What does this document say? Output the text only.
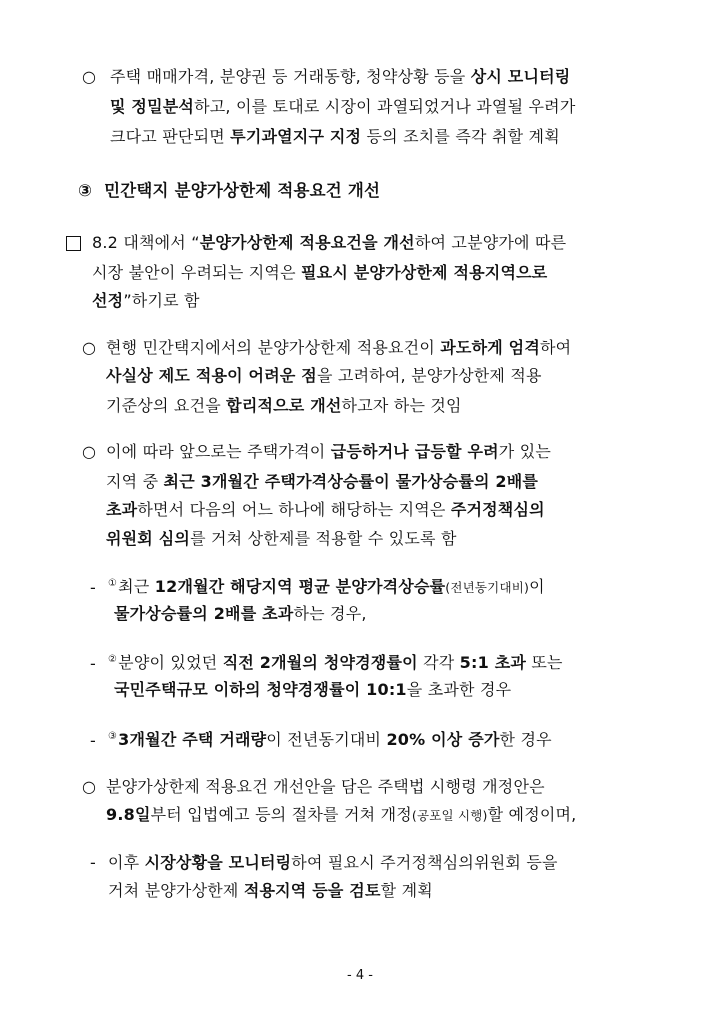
○ 주택 매매가격, 분양권 등 거래동향, 청약상황 등을 상시 모니터링
및 정밀분석하고, 이를 토대로 시장이 과열되었거나 과열될 우려가
크다고 판단되면 투기과열지구 지정 등의 조치를 즉각 취할 계획
③ 민간택지 분양가상한제 적용요건 개선
8.2 대책에서 “분양가상한제 적용요건을 개선하여 고분양가에 따른
시장 불안이 우려되는 지역은 필요시 분양가상한제 적용지역으로
선정”하기로 함
○ 현행 민간택지에서의 분양가상한제 적용요건이 과도하게 엄격하여
사실상 제도 적용이 어려운 점을 고려하여, 분양가상한제 적용
기준상의 요건을 합리적으로 개선하고자 하는 것임
○ 이에 따라 앞으로는 주택가격이 급등하거나 급등할 우려가 있는
지역 중 최근 3개월간 주택가격상승률이 물가상승률의 2배를
초과하면서 다음의 어느 하나에 해당하는 지역은 주거정책심의
위원회 심의를 거쳐 상한제를 적용할 수 있도록 함
- ①최근 12개월간 해당지역 평균 분양가격상승률(전년동기대비)이
물가상승률의 2배를 초과하는 경우,
- ②분양이 있었던 직전 2개월의 청약경쟁률이 각각 5:1 초과 또는
국민주택규모 이하의 청약경쟁률이 10:1을 초과한 경우
- ③3개월간 주택 거래량이 전년동기대비 20% 이상 증가한 경우
○ 분양가상한제 적용요건 개선안을 담은 주택법 시행령 개정안은
9.8일부터 입법예고 등의 절차를 거쳐 개정(공포일 시행)할 예정이며,
- 이후 시장상황을 모니터링하여 필요시 주거정책심의위원회 등을
거쳐 분양가상한제 적용지역 등을 검토할 계획
- 4 -
